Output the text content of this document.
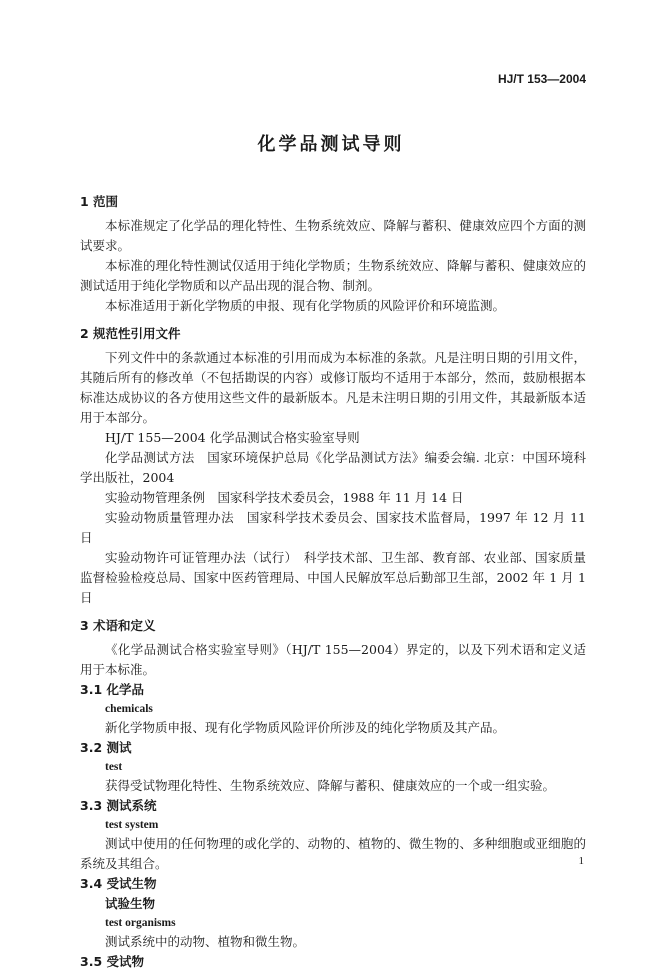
HJ/T 153—2004
化学品测试导则
1 范围

本标准规定了化学品的理化特性、生物系统效应、降解与蓄积、健康效应四个方面的测试要求。

本标准的理化特性测试仅适用于纯化学物质；生物系统效应、降解与蓄积、健康效应的测试适用于纯化学物质和以产品出现的混合物、制剂。

本标准适用于新化学物质的申报、现有化学物质的风险评价和环境监测。

2 规范性引用文件

下列文件中的条款通过本标准的引用而成为本标准的条款。凡是注明日期的引用文件，其随后所有的修改单（不包括勘误的内容）或修订版均不适用于本部分，然而，鼓励根据本标准达成协议的各方使用这些文件的最新版本。凡是未注明日期的引用文件，其最新版本适用于本部分。

HJ/T 155—2004 化学品测试合格实验室导则

化学品测试方法　国家环境保护总局《化学品测试方法》编委会编. 北京：中国环境科学出版社，2004

实验动物管理条例　国家科学技术委员会，1988 年 11 月 14 日

实验动物质量管理办法　国家科学技术委员会、国家技术监督局，1997 年 12 月 11 日

实验动物许可证管理办法（试行）　科学技术部、卫生部、教育部、农业部、国家质量监督检验检疫总局、国家中医药管理局、中国人民解放军总后勤部卫生部，2002 年 1 月 1 日

3 术语和定义

《化学品测试合格实验室导则》（HJ/T 155—2004）界定的，以及下列术语和定义适用于本标准。

3.1 化学品
chemicals

新化学物质申报、现有化学物质风险评价所涉及的纯化学物质及其产品。

3.2 测试
test

获得受试物理化特性、生物系统效应、降解与蓄积、健康效应的一个或一组实验。

3.3 测试系统
test system

测试中使用的任何物理的或化学的、动物的、植物的、微生物的、多种细胞或亚细胞的系统及其组合。

3.4 受试生物
试验生物
test organisms

测试系统中的动物、植物和微生物。

3.5 受试物
1
